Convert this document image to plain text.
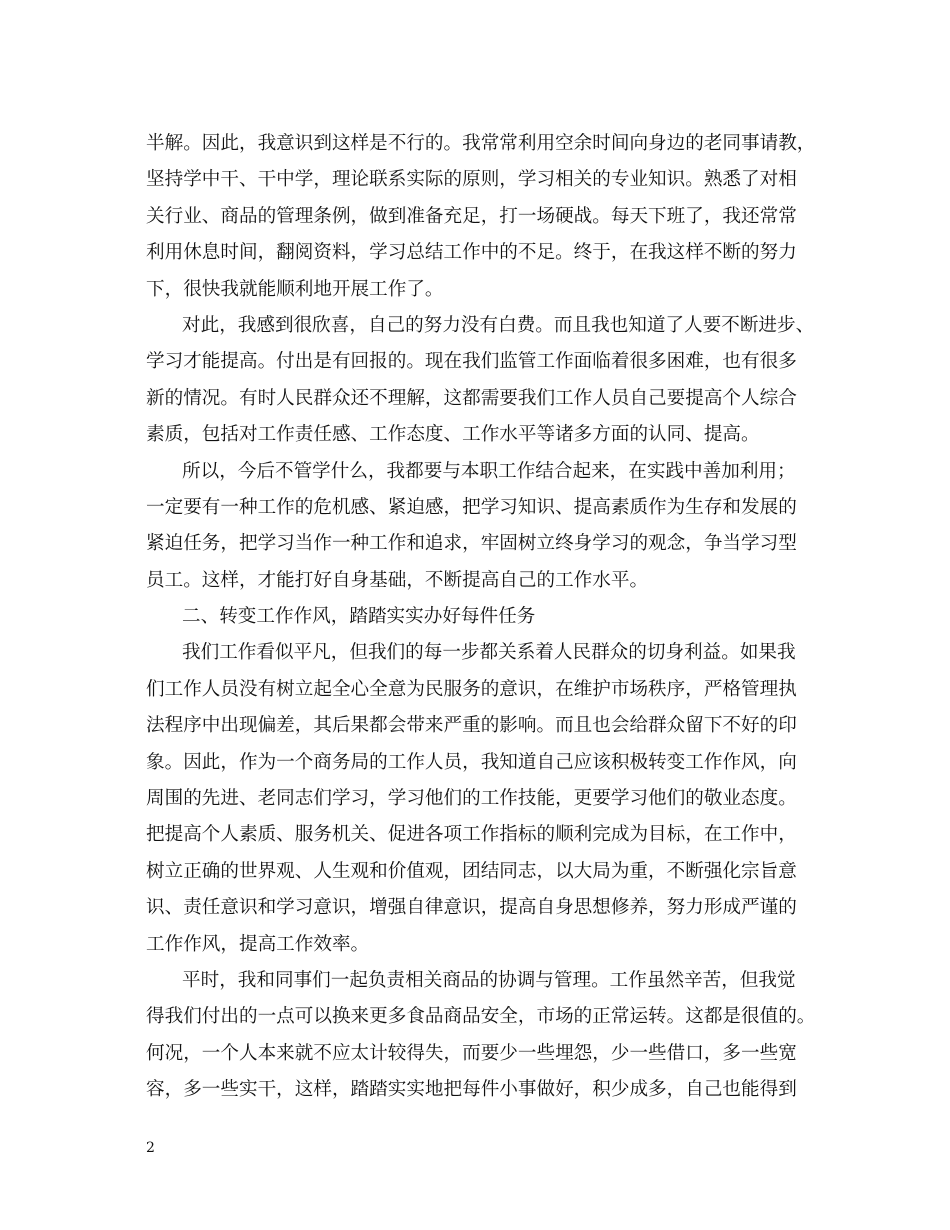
半解。因此，我意识到这样是不行的。我常常利用空余时间向身边的老同事请教，
坚持学中干、干中学，理论联系实际的原则，学习相关的专业知识。熟悉了对相
关行业、商品的管理条例，做到准备充足，打一场硬战。每天下班了，我还常常
利用休息时间，翻阅资料，学习总结工作中的不足。终于，在我这样不断的努力
下，很快我就能顺利地开展工作了。
对此，我感到很欣喜，自己的努力没有白费。而且我也知道了人要不断进步、
学习才能提高。付出是有回报的。现在我们监管工作面临着很多困难，也有很多
新的情况。有时人民群众还不理解，这都需要我们工作人员自己要提高个人综合
素质，包括对工作责任感、工作态度、工作水平等诸多方面的认同、提高。
所以，今后不管学什么，我都要与本职工作结合起来，在实践中善加利用；
一定要有一种工作的危机感、紧迫感，把学习知识、提高素质作为生存和发展的
紧迫任务，把学习当作一种工作和追求，牢固树立终身学习的观念，争当学习型
员工。这样，才能打好自身基础，不断提高自己的工作水平。
二、转变工作作风，踏踏实实办好每件任务
我们工作看似平凡，但我们的每一步都关系着人民群众的切身利益。如果我
们工作人员没有树立起全心全意为民服务的意识，在维护市场秩序，严格管理执
法程序中出现偏差，其后果都会带来严重的影响。而且也会给群众留下不好的印
象。因此，作为一个商务局的工作人员，我知道自己应该积极转变工作作风，向
周围的先进、老同志们学习，学习他们的工作技能，更要学习他们的敬业态度。
把提高个人素质、服务机关、促进各项工作指标的顺利完成为目标，在工作中，
树立正确的世界观、人生观和价值观，团结同志，以大局为重，不断强化宗旨意
识、责任意识和学习意识，增强自律意识，提高自身思想修养，努力形成严谨的
工作作风，提高工作效率。
平时，我和同事们一起负责相关商品的协调与管理。工作虽然辛苦，但我觉
得我们付出的一点可以换来更多食品商品安全，市场的正常运转。这都是很值的。
何况，一个人本来就不应太计较得失，而要少一些埋怨，少一些借口，多一些宽
容，多一些实干，这样，踏踏实实地把每件小事做好，积少成多，自己也能得到
2
